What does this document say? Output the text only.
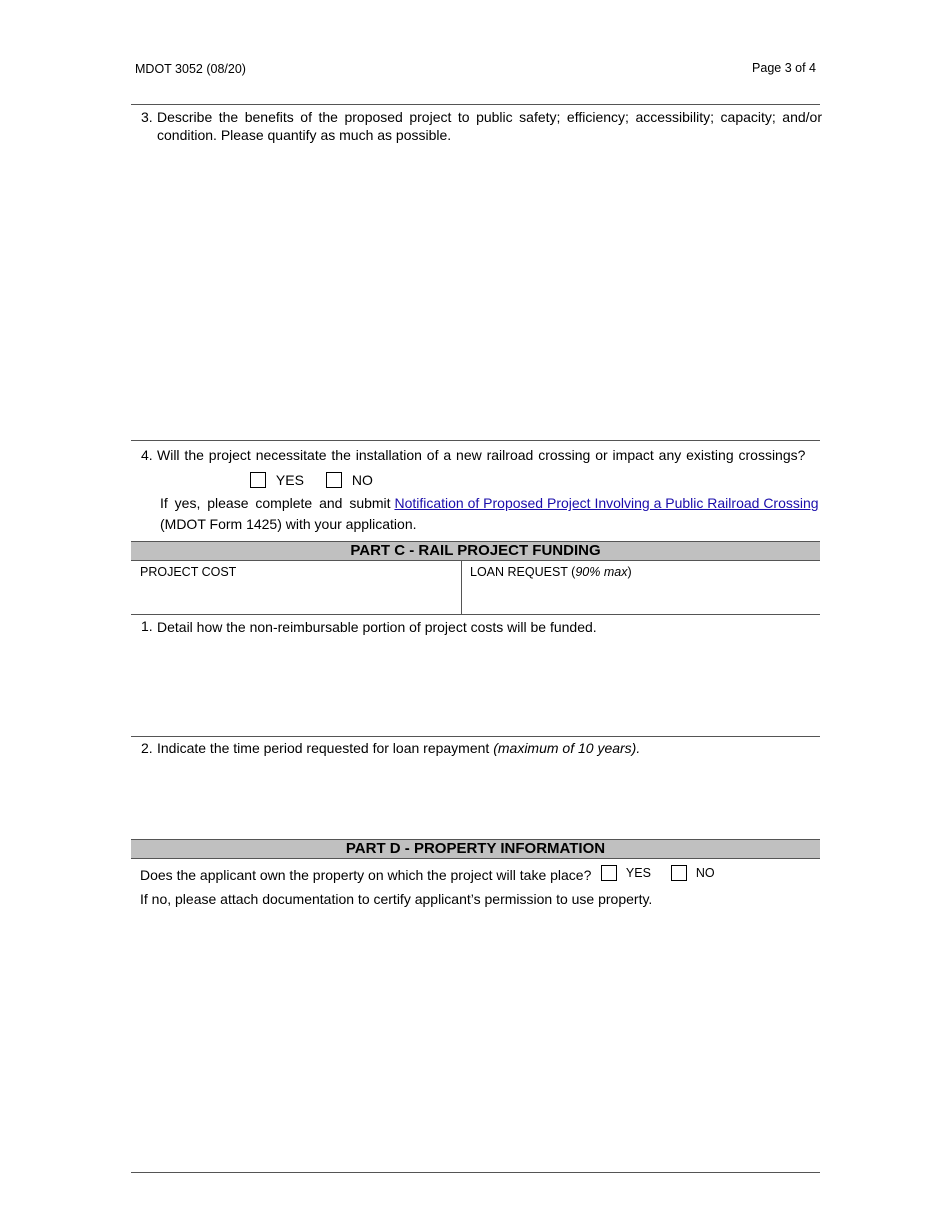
MDOT 3052 (08/20)	Page 3 of 4
3. Describe the benefits of the proposed project to public safety; efficiency; accessibility; capacity; and/or
condition. Please quantify as much as possible.
4. Will the project necessitate the installation of a new railroad crossing or impact any existing crossings?
YES	NO
If yes, please complete and submit Notification of Proposed Project Involving a Public Railroad Crossing
(MDOT Form 1425) with your application.
PART C - RAIL PROJECT FUNDING
PROJECT COST	LOAN REQUEST (90% max)
1. Detail how the non-reimbursable portion of project costs will be funded.
2. Indicate the time period requested for loan repayment (maximum of 10 years).
PART D - PROPERTY INFORMATION
Does the applicant own the property on which the project will take place?	YES	NO
If no, please attach documentation to certify applicant’s permission to use property.
